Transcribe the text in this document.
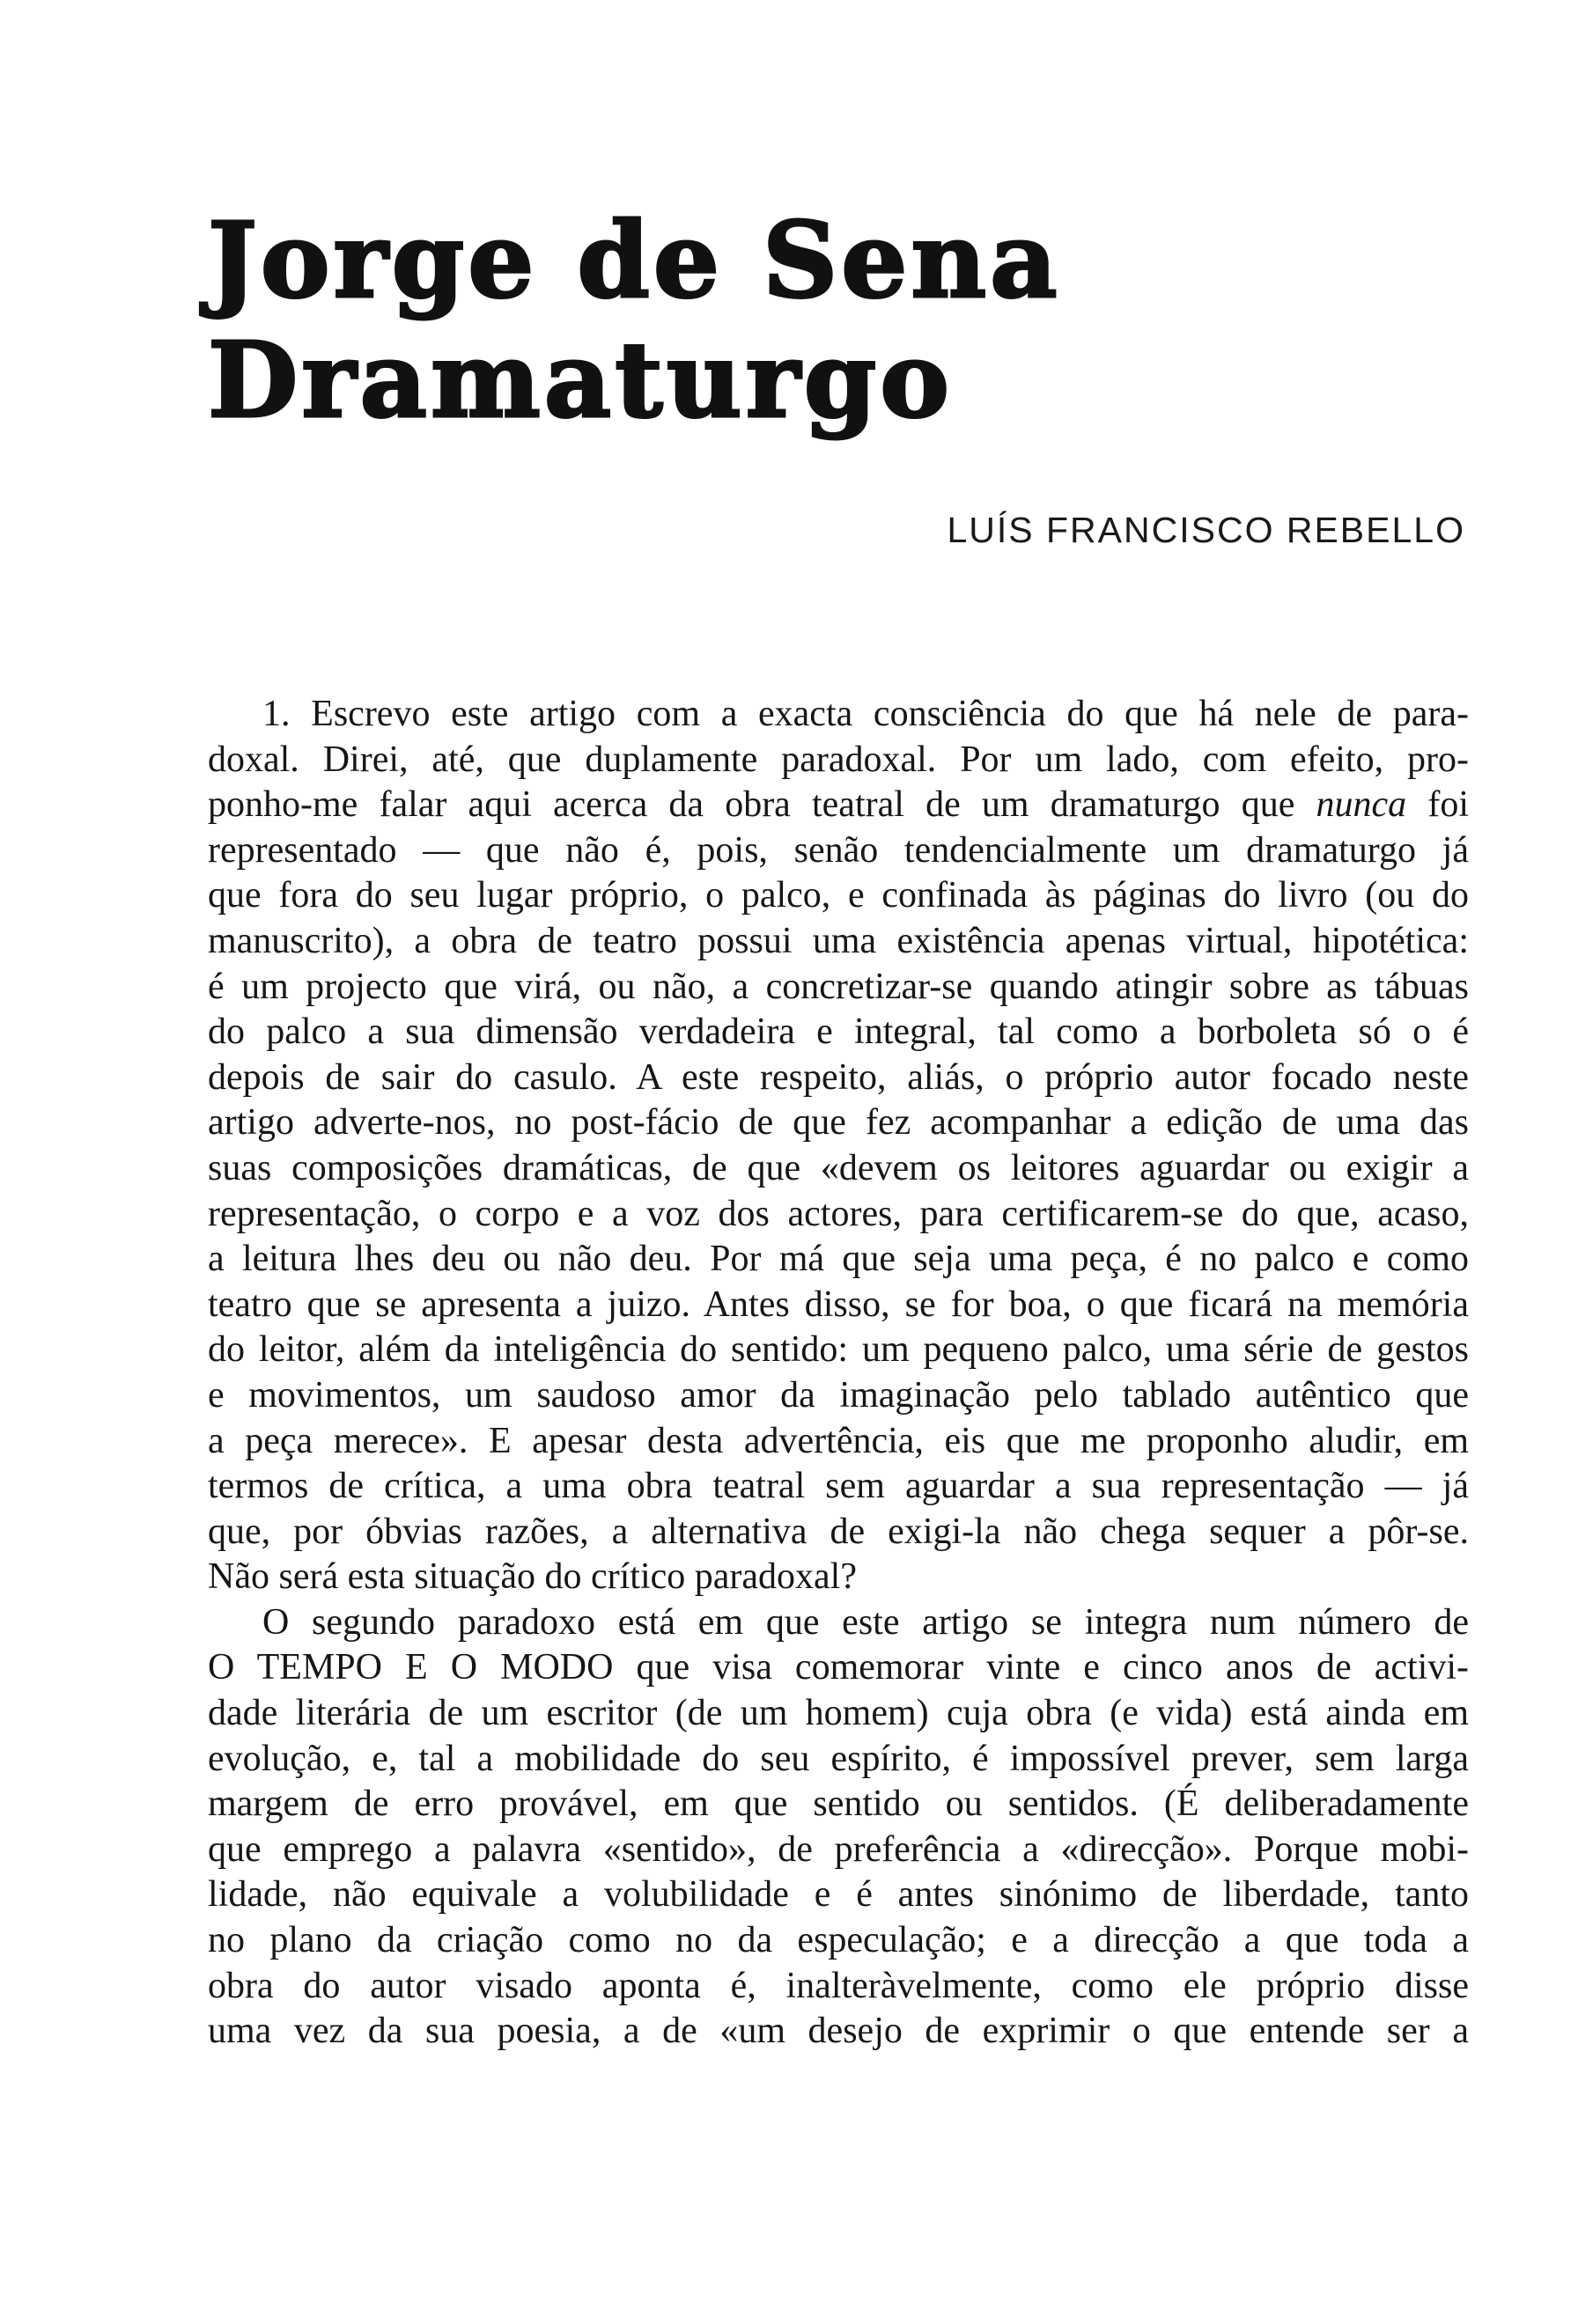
Jorge de Sena
Dramaturgo
LUÍS FRANCISCO REBELLO
1. Escrevo este artigo com a exacta consciência do que há nele de para-
doxal. Direi, até, que duplamente paradoxal. Por um lado, com efeito, pro-
ponho-me falar aqui acerca da obra teatral de um dramaturgo que nunca foi
representado — que não é, pois, senão tendencialmente um dramaturgo já
que fora do seu lugar próprio, o palco, e confinada às páginas do livro (ou do
manuscrito), a obra de teatro possui uma existência apenas virtual, hipotética:
é um projecto que virá, ou não, a concretizar-se quando atingir sobre as tábuas
do palco a sua dimensão verdadeira e integral, tal como a borboleta só o é
depois de sair do casulo. A este respeito, aliás, o próprio autor focado neste
artigo adverte-nos, no post-fácio de que fez acompanhar a edição de uma das
suas composições dramáticas, de que «devem os leitores aguardar ou exigir a
representação, o corpo e a voz dos actores, para certificarem-se do que, acaso,
a leitura lhes deu ou não deu. Por má que seja uma peça, é no palco e como
teatro que se apresenta a juizo. Antes disso, se for boa, o que ficará na memória
do leitor, além da inteligência do sentido: um pequeno palco, uma série de gestos
e movimentos, um saudoso amor da imaginação pelo tablado autêntico que
a peça merece». E apesar desta advertência, eis que me proponho aludir, em
termos de crítica, a uma obra teatral sem aguardar a sua representação — já
que, por óbvias razões, a alternativa de exigi-la não chega sequer a pôr-se.
Não será esta situação do crítico paradoxal?
O segundo paradoxo está em que este artigo se integra num número de
O TEMPO E O MODO que visa comemorar vinte e cinco anos de activi-
dade literária de um escritor (de um homem) cuja obra (e vida) está ainda em
evolução, e, tal a mobilidade do seu espírito, é impossível prever, sem larga
margem de erro provável, em que sentido ou sentidos. (É deliberadamente
que emprego a palavra «sentido», de preferência a «direcção». Porque mobi-
lidade, não equivale a volubilidade e é antes sinónimo de liberdade, tanto
no plano da criação como no da especulação; e a direcção a que toda a
obra do autor visado aponta é, inalteràvelmente, como ele próprio disse
uma vez da sua poesia, a de «um desejo de exprimir o que entende ser a
